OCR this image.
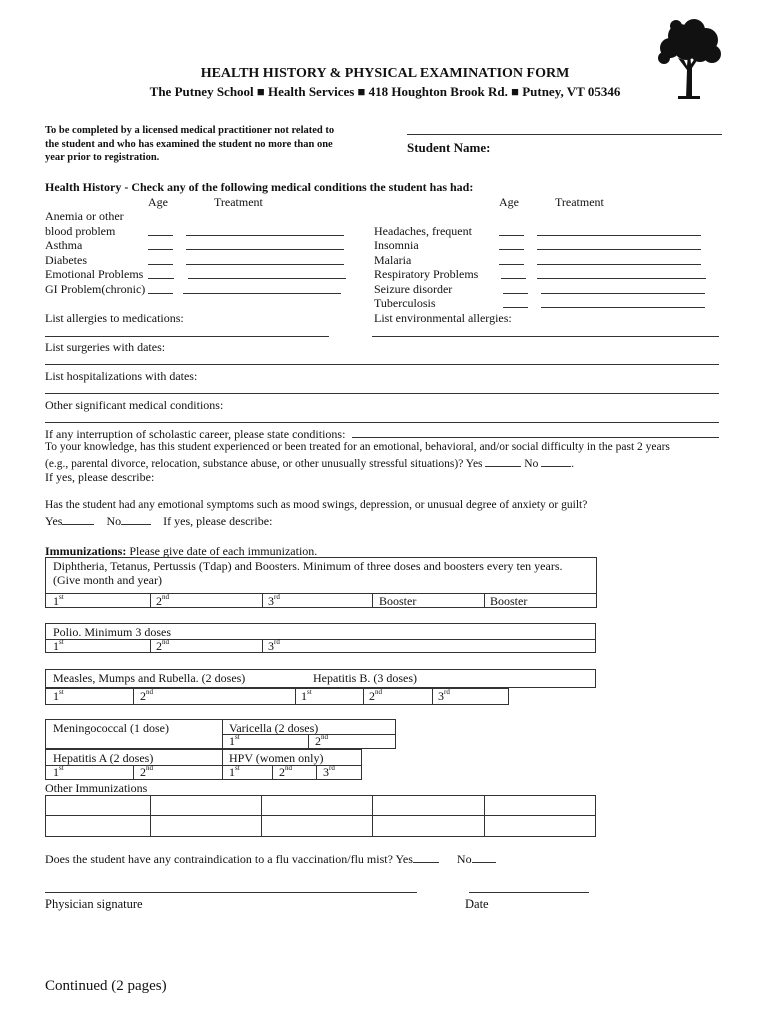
HEALTH HISTORY & PHYSICAL EXAMINATION FORM
The Putney School ■ Health Services ■ 418 Houghton Brook Rd. ■ Putney, VT 05346
To be completed by a licensed medical practitioner not related to
the student and who has examined the student no more than one
year prior to registration.
Student Name:
Health History - Check any of the following medical conditions the student has had:
Age	Treatment	Age	Treatment
Anemia or other
blood problem
Asthma
Diabetes
Emotional Problems
GI Problem(chronic)
Headaches, frequent
Insomnia
Malaria
Respiratory Problems
Seizure disorder
Tuberculosis
List allergies to medications:	List environmental allergies:
List surgeries with dates:
List hospitalizations with dates:
Other significant medical conditions:
If any interruption of scholastic career, please state conditions:
To your knowledge, has this student experienced or been treated for an emotional, behavioral, and/or social difficulty in the past 2 years
(e.g., parental divorce, relocation, substance abuse, or other unusually stressful situations)? Yes	No	.
If yes, please describe:
Has the student had any emotional symptoms such as mood swings, depression, or unusual degree of anxiety or guilt?
Yes	No	If yes, please describe:
Immunizations: Please give date of each immunization.
Diphtheria, Tetanus, Pertussis (Tdap) and Boosters. Minimum of three doses and boosters every ten years.
(Give month and year)
1st	2nd	3rd	Booster	Booster
Polio. Minimum 3 doses
1st	2nd	3rd
Measles, Mumps and Rubella. (2 doses)	Hepatitis B. (3 doses)
1st	2nd	1st	2nd	3rd
Meningococcal (1 dose)	Varicella (2 doses)
1st	2nd
Hepatitis A (2 doses)	HPV (women only)
1st	2nd	1st	2nd	3rd
Other Immunizations
Does the student have any contraindication to a flu vaccination/flu mist? Yes	No
Physician signature	Date
Continued (2 pages)
